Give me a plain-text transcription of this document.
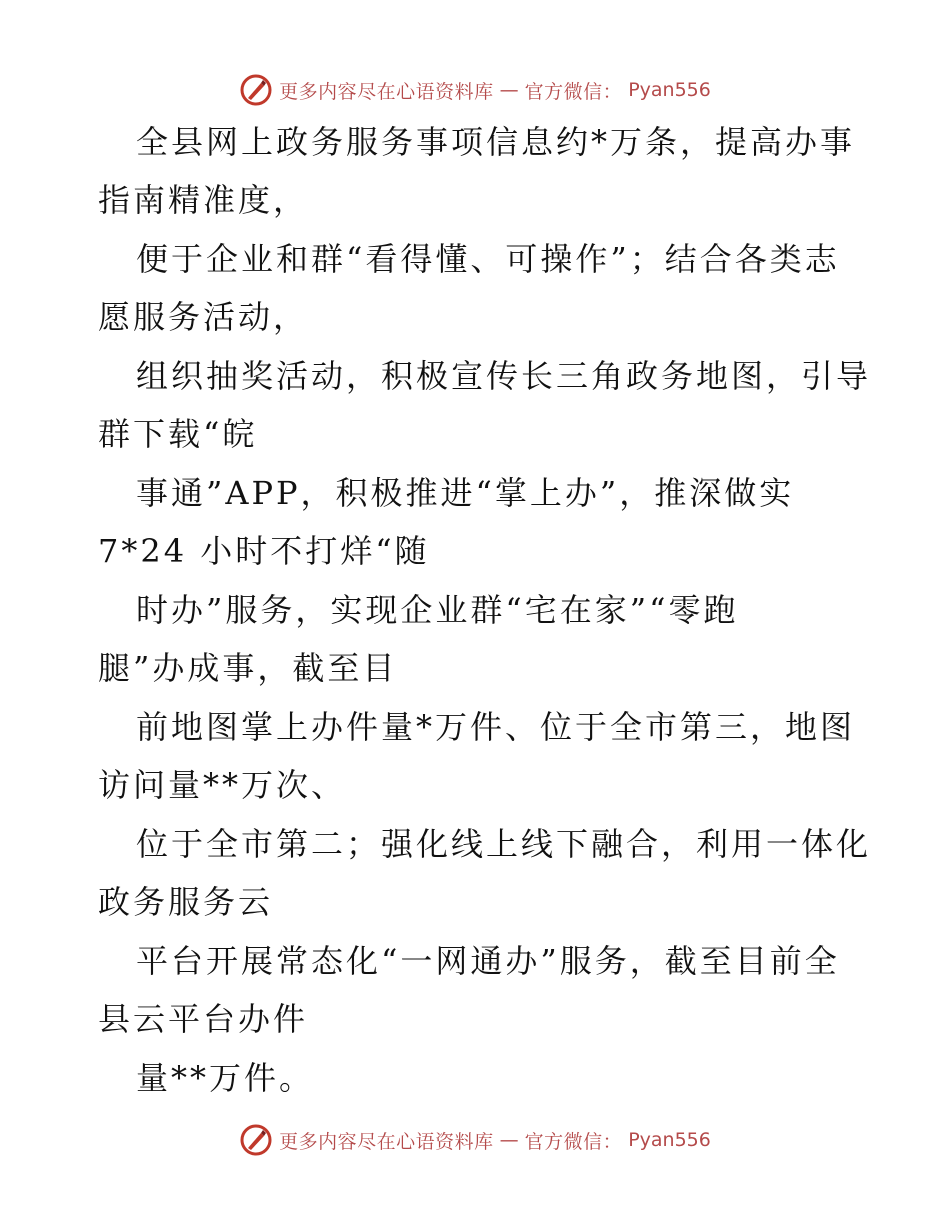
更多内容尽在心语资料库 — 官方微信： Pyan556
全县网上政务服务事项信息约*万条，提高办事
指南精准度，
便于企业和群“看得懂、可操作”；结合各类志
愿服务活动，
组织抽奖活动，积极宣传长三角政务地图，引导
群下载“皖
事通”APP，积极推进“掌上办”，推深做实
7*24 小时不打烊“随
时办”服务，实现企业群“宅在家”“零跑
腿”办成事，截至目
前地图掌上办件量*万件、位于全市第三，地图
访问量**万次、
位于全市第二；强化线上线下融合，利用一体化
政务服务云
平台开展常态化“一网通办”服务，截至目前全
县云平台办件
量**万件。
更多内容尽在心语资料库 — 官方微信： Pyan556
